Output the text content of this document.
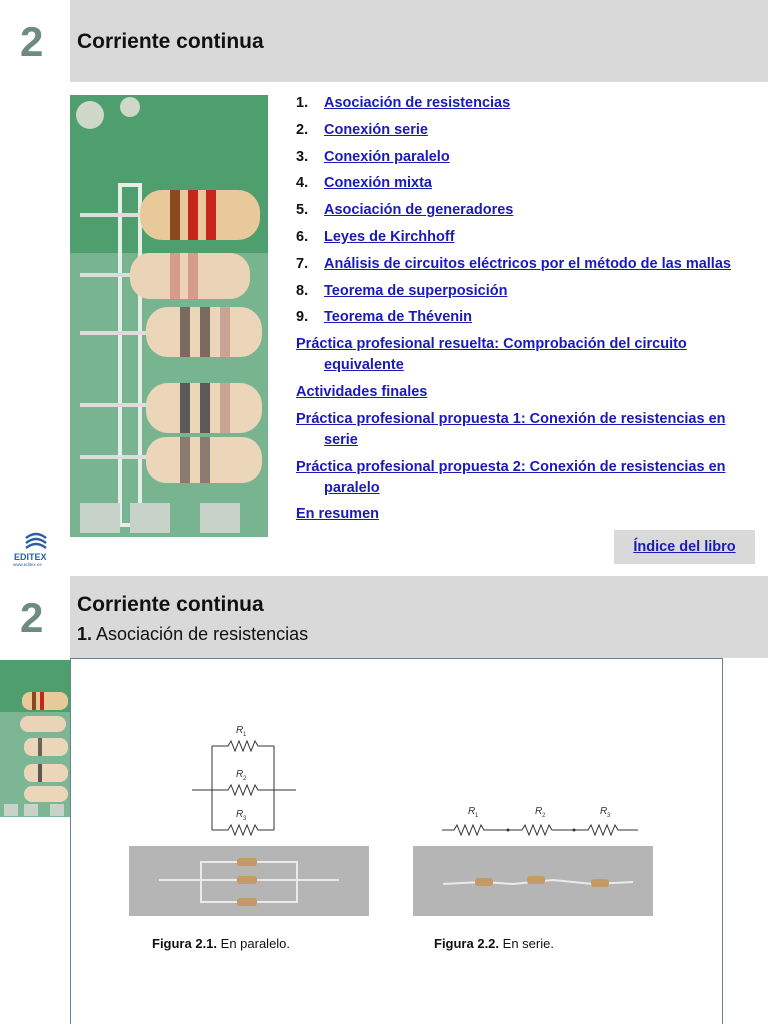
2 Corriente continua
1.	Asociación de resistencias
2.	Conexión serie
3.	Conexión paralelo
4.	Conexión mixta
5.	Asociación de generadores
6.	Leyes de Kirchhoff
7.	Análisis de circuitos eléctricos por el método de las mallas
8.	Teorema de superposición
9.	Teorema de Thévenin
Práctica profesional resuelta: Comprobación del circuito
equivalente
Actividades finales
Práctica profesional propuesta 1: Conexión de resistencias en
serie
Práctica profesional propuesta 2: Conexión de resistencias en
paralelo
En resumen
EDITEX
www.editex.es
Índice del libro
2 Corriente continua
1. Asociación de resistencias
R 1
R 2
R 3
R 1	R 2	R 3
Figura 2.1. En paralelo.	Figura 2.2. En serie.
